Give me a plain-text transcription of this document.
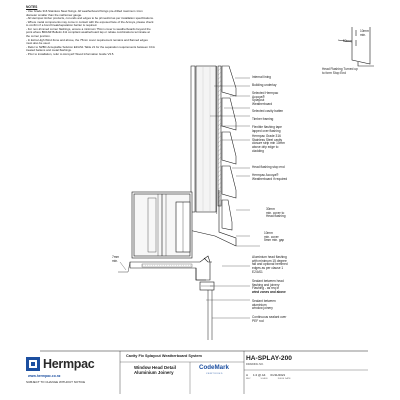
NOTES
- Use Grade 316 Stainless Steel fixings. All weatherboard fixings pre-drilled maximum 1mm
diameter smaller than the nail/screw gauge.
- All Hermpac timber products, cut ends and edges to be primed/oil as per installation specifications.
- Where metal components may come in contact with the exposed face of the Accoya, please check
to confirm if a bond break/separation barrier is required.
- For non-trimmed corner flashings, ensure a minimum 75mm cover to weatherboards beyond the
point where BRANZ Bulletin 411 compliant weatherboard lap or rebate combinations terminate at
the corner junction.
- In Extra High Wind Zone and above, the 75mm cover requirement remains and flanned edges
must also be used.
- Refer to NZBC Acceptable Solution E2/AS1 Table 21 for the separation requirements between CCA
treated battens and metal flashings.
- Prior to installation, refer to Accoya® Wood Information Guide V3.5.
50mm
10mm
min.
Head Flashing Turned up
to form Stop End
Internal lining
Building underlay
Selected Hermpac
Accoya®
Splaycut
Weatherboard
Selected cavity batten
Timber framing
Flexible flashing tape
lapped over flashing
Hermpac Grade 316
Stainless Steel cavity
closure strip min 10mm
above drip edge to
cladding
Head flashing stop end
Hermpac Accoya®
Weatherboard if required
30mm
min. cover to
Head flashing
10mm
min. cover
5mm min. gap
Aluminium head flashing
with minimum 15 degree
fall and optional hemmed
edges as per clause 1
E2/AS1
Sealant between head
flashing and joinery
Flashing - as req in
wind zones and above
Sealant between
aluminium
window joinery
Continuous sealant over
PEF rod
7mm
min.
Hermpac
www.hermpac.co.nz
SUBJECT TO CHANGE WITHOUT NOTICE
Cavity Fix Splaycut Weatherboard System
Window Head Detail
Aluminium Joinery
CodeMark
CERTIFIED
HA-SPLAY-200
DRAWING NO.
A 1:2 @ A4 01/11/2021
REV	SCALE	ISSUE DATE
